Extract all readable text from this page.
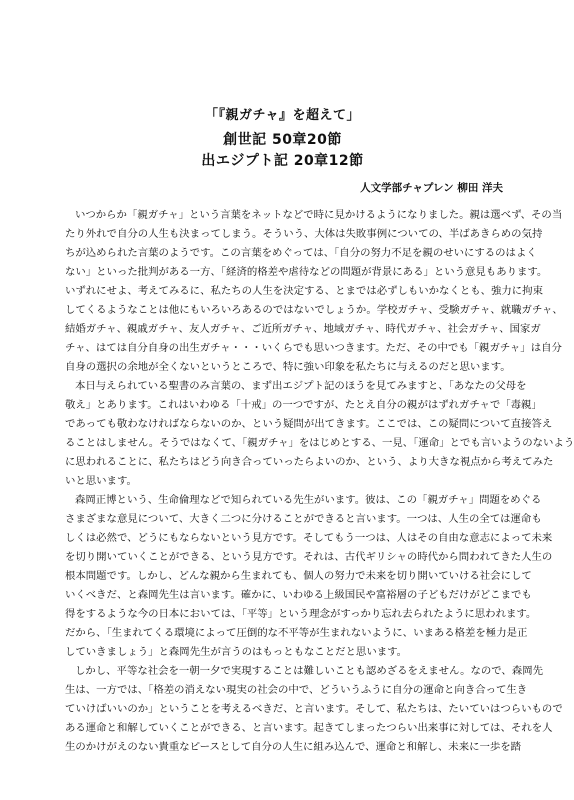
「『親ガチャ』を超えて」
創世記 50章20節
出エジプト記 20章12節
人文学部チャプレン 柳田 洋夫
いつからか「親ガチャ」という言葉をネットなどで時に見かけるようになりました。親は選べず、その当
たり外れで自分の人生も決まってしまう。そういう、大体は失敗事例についての、半ばあきらめの気持
ちが込められた言葉のようです。この言葉をめぐっては、「自分の努力不足を親のせいにするのはよく
ない」といった批判がある一方、「経済的格差や虐待などの問題が背景にある」という意見もあります。
いずれにせよ、考えてみるに、私たちの人生を決定する、とまでは必ずしもいかなくとも、強力に拘束
してくるようなことは他にもいろいろあるのではないでしょうか。学校ガチャ、受験ガチャ、就職ガチャ、
結婚ガチャ、親戚ガチャ、友人ガチャ、ご近所ガチャ、地域ガチャ、時代ガチャ、社会ガチャ、国家ガ
チャ、はては自分自身の出生ガチャ・・・いくらでも思いつきます。ただ、その中でも「親ガチャ」は自分
自身の選択の余地が全くないというところで、特に強い印象を私たちに与えるのだと思います。
本日与えられている聖書のみ言葉の、まず出エジプト記のほうを見てみますと、「あなたの父母を
敬え」とあります。これはいわゆる「十戒」の一つですが、たとえ自分の親がはずれガチャで「毒親」
であっても敬わなければならないのか、という疑問が出てきます。ここでは、この疑問について直接答え
ることはしません。そうではなくて、「親ガチャ」をはじめとする、一見、「運命」とでも言いようのないよう
に思われることに、私たちはどう向き合っていったらよいのか、という、より大きな視点から考えてみた
いと思います。
森岡正博という、生命倫理などで知られている先生がいます。彼は、この「親ガチャ」問題をめぐる
さまざまな意見について、大きく二つに分けることができると言います。一つは、人生の全ては運命も
しくは必然で、どうにもならないという見方です。そしてもう一つは、人はその自由な意志によって未来
を切り開いていくことができる、という見方です。それは、古代ギリシャの時代から問われてきた人生の
根本問題です。しかし、どんな親から生まれても、個人の努力で未来を切り開いていける社会にして
いくべきだ、と森岡先生は言います。確かに、いわゆる上級国民や富裕層の子どもだけがどこまでも
得をするような今の日本においては、「平等」という理念がすっかり忘れ去られたように思われます。
だから、「生まれてくる環境によって圧倒的な不平等が生まれないように、いまある格差を極力是正
していきましょう」と森岡先生が言うのはもっともなことだと思います。
しかし、平等な社会を一朝一夕で実現することは難しいことも認めざるをえません。なので、森岡先
生は、一方では、「格差の消えない現実の社会の中で、どういうふうに自分の運命と向き合って生き
ていけばいいのか」ということを考えるべきだ、と言います。そして、私たちは、たいていはつらいもので
ある運命と和解していくことができる、と言います。起きてしまったつらい出来事に対しては、それを人
生のかけがえのない貴重なピースとして自分の人生に組み込んで、運命と和解し、未来に一歩を踏
